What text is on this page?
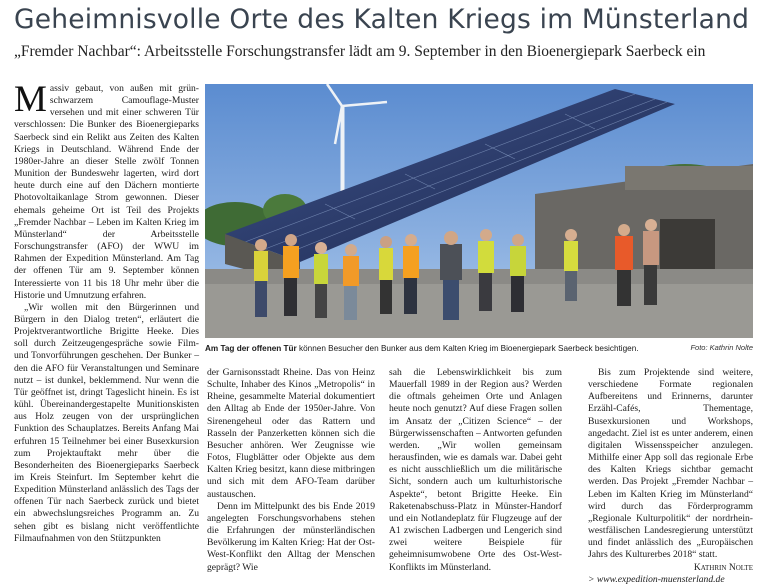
Geheimnisvolle Orte des Kalten Kriegs im Münsterland
„Fremder Nachbar“: Arbeitsstelle Forschungstransfer lädt am 9. September in den Bioenergiepark Saerbeck ein

Massiv gebaut, von außen mit grün-schwarzem Camouflage-Muster versehen und mit einer schweren Tür verschlossen: Die Bunker des Bioenergieparks Saerbeck sind ein Relikt aus Zeiten des Kalten Kriegs in Deutschland. Während Ende der 1980er-Jahre an dieser Stelle zwölf Tonnen Munition der Bundeswehr lagerten, wird dort heute durch eine auf den Dächern montierte Photovoltaikanlage Strom gewonnen. Dieser ehemals geheime Ort ist Teil des Projekts „Fremder Nachbar – Leben im Kalten Krieg im Münsterland“ der Arbeitsstelle Forschungstransfer (AFO) der WWU im Rahmen der Expedition Münsterland. Am Tag der offenen Tür am 9. September können Interessierte von 11 bis 18 Uhr mehr über die Historie und Umnutzung erfahren.

„Wir wollen mit den Bürgerinnen und Bürgern in den Dialog treten“, erläutert die Projektverantwortliche Brigitte Heeke. Dies soll durch Zeitzeugengespräche sowie Film- und Tonvorführungen geschehen. Der Bunker – den die AFO für Veranstaltungen und Seminare nutzt – ist dunkel, beklemmend. Nur wenn die Tür geöffnet ist, dringt Tageslicht hinein. Es ist kühl. Übereinandergestapelte Munitionskisten aus Holz zeugen von der ursprünglichen Funktion des Schauplatzes. Bereits Anfang Mai erfuhren 15 Teilnehmer bei einer Busexkursion zum Projektauftakt mehr über die Besonderheiten des Bioenergieparks Saerbeck im Kreis Steinfurt. Im September kehrt die Expedition Münsterland anlässlich des Tags der offenen Tür nach Saerbeck zurück und bietet ein abwechslungsreiches Programm an. Zu sehen gibt es bislang nicht veröffentlichte Filmaufnahmen von den Stützpunkten

Am Tag der offenen Tür können Besucher den Bunker aus dem Kalten Krieg im Bioenergiepark Saerbeck besichtigen.	Foto: Kathrin Nolte

der Garnisonsstadt Rheine. Das von Heinz Schulte, Inhaber des Kinos „Metropolis“ in Rheine, gesammelte Material dokumentiert den Alltag ab Ende der 1950er-Jahre. Von Sirenengeheul oder das Rattern und Rasseln der Panzerketten können sich die Besucher anhören. Wer Zeugnisse wie Fotos, Flugblätter oder Objekte aus dem Kalten Krieg besitzt, kann diese mitbringen und sich mit dem AFO-Team darüber austauschen.

Denn im Mittelpunkt des bis Ende 2019 angelegten Forschungsvorhabens stehen die Erfahrungen der münsterländischen Bevölkerung im Kalten Krieg: Hat der Ost-West-Konflikt den Alltag der Menschen geprägt? Wie

sah die Lebenswirklichkeit bis zum Mauerfall 1989 in der Region aus? Werden die oftmals geheimen Orte und Anlagen heute noch genutzt? Auf diese Fragen sollen im Ansatz der „Citizen Science“ – der Bürgerwissenschaften – Antworten gefunden werden. „Wir wollen gemeinsam herausfinden, wie es damals war. Dabei geht es nicht ausschließlich um die militärische Sicht, sondern auch um kulturhistorische Aspekte“, betont Brigitte Heeke. Ein Raketenabschuss-Platz in Münster-Handorf und ein Notlandeplatz für Flugzeuge auf der A1 zwischen Ladbergen und Lengerich sind zwei weitere Beispiele für geheimnisumwobene Orte des Ost-West-Konflikts im Münsterland.

Bis zum Projektende sind weitere, verschiedene Formate regionalen Aufbereitens und Erinnerns, darunter Erzähl-Cafés, Thementage, Busexkursionen und Workshops, angedacht. Ziel ist es unter anderem, einen digitalen Wissensspeicher anzulegen. Mithilfe einer App soll das regionale Erbe des Kalten Kriegs sichtbar gemacht werden. Das Projekt „Fremder Nachbar – Leben im Kalten Krieg im Münsterland“ wird durch das Förderprogramm „Regionale Kulturpolitik“ der nordrhein-westfälischen Landesregierung unterstützt und findet anlässlich des „Europäischen Jahrs des Kulturerbes 2018“ statt.

Kathrin Nolte

> www.expedition-muensterland.de
